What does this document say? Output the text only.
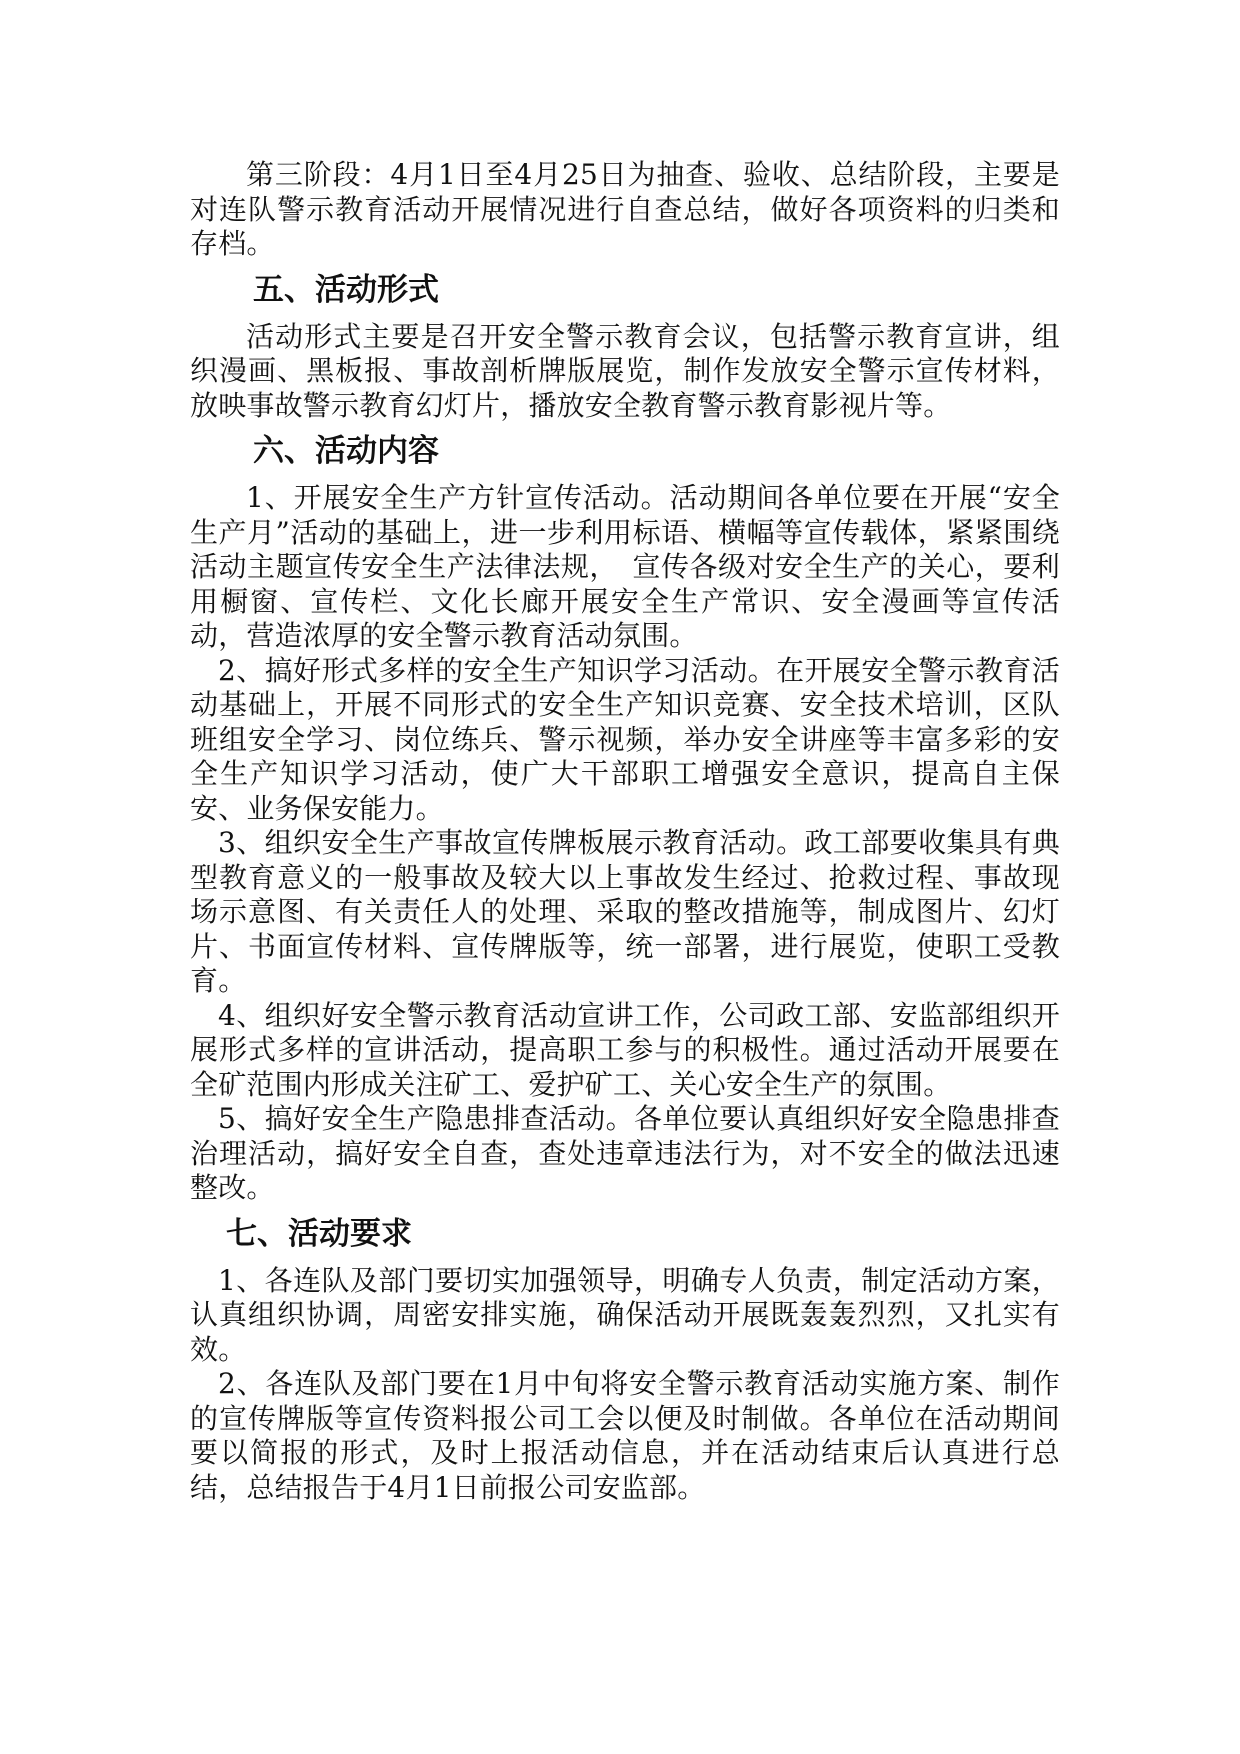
第三阶段：4月1日至4月25日为抽查、验收、总结阶段，主要是对连队警示教育活动开展情况进行自查总结，做好各项资料的归类和存档。

五、活动形式

活动形式主要是召开安全警示教育会议，包括警示教育宣讲，组织漫画、黑板报、事故剖析牌版展览，制作发放安全警示宣传材料，放映事故警示教育幻灯片，播放安全教育警示教育影视片等。

六、活动内容

1、开展安全生产方针宣传活动。活动期间各单位要在开展“安全生产月”活动的基础上，进一步利用标语、横幅等宣传载体，紧紧围绕活动主题宣传安全生产法律法规，　宣传各级对安全生产的关心，要利用橱窗、宣传栏、文化长廊开展安全生产常识、安全漫画等宣传活动，营造浓厚的安全警示教育活动氛围。

2、搞好形式多样的安全生产知识学习活动。在开展安全警示教育活动基础上，开展不同形式的安全生产知识竞赛、安全技术培训，区队班组安全学习、岗位练兵、警示视频，举办安全讲座等丰富多彩的安全生产知识学习活动，使广大干部职工增强安全意识，提高自主保安、业务保安能力。

3、组织安全生产事故宣传牌板展示教育活动。政工部要收集具有典型教育意义的一般事故及较大以上事故发生经过、抢救过程、事故现场示意图、有关责任人的处理、采取的整改措施等，制成图片、幻灯片、书面宣传材料、宣传牌版等，统一部署，进行展览，使职工受教育。

4、组织好安全警示教育活动宣讲工作，公司政工部、安监部组织开展形式多样的宣讲活动，提高职工参与的积极性。通过活动开展要在全矿范围内形成关注矿工、爱护矿工、关心安全生产的氛围。

5、搞好安全生产隐患排查活动。各单位要认真组织好安全隐患排查治理活动，搞好安全自查，查处违章违法行为，对不安全的做法迅速整改。

七、活动要求

1、各连队及部门要切实加强领导，明确专人负责，制定活动方案，认真组织协调，周密安排实施，确保活动开展既轰轰烈烈，又扎实有效。

2、各连队及部门要在1月中旬将安全警示教育活动实施方案、制作的宣传牌版等宣传资料报公司工会以便及时制做。各单位在活动期间要以简报的形式，及时上报活动信息，并在活动结束后认真进行总结，总结报告于4月1日前报公司安监部。
